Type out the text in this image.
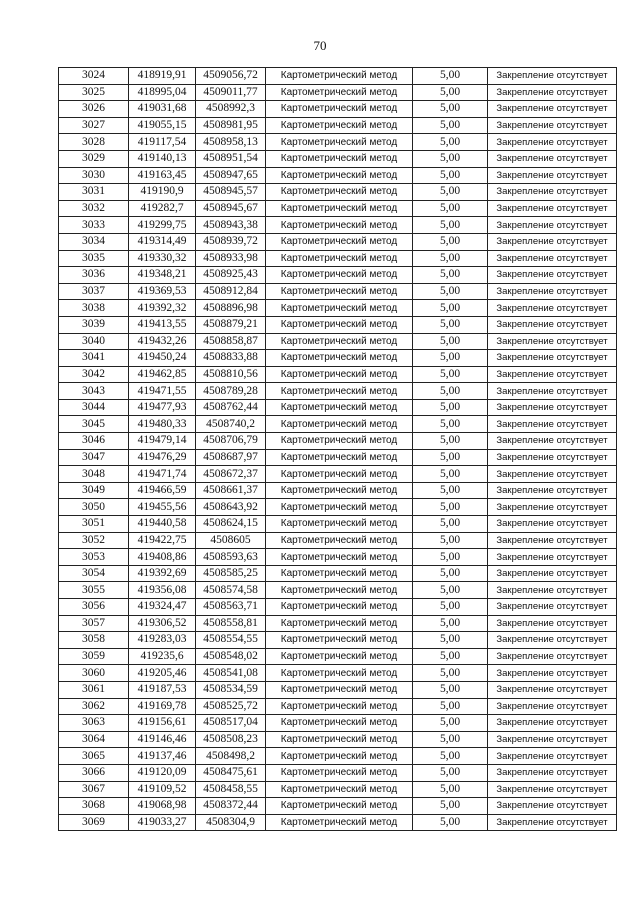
70
3024	418919,91	4509056,72	Картометрический метод	5,00	Закрепление отсутствует
3025	418995,04	4509011,77	Картометрический метод	5,00	Закрепление отсутствует
3026	419031,68	4508992,3	Картометрический метод	5,00	Закрепление отсутствует
3027	419055,15	4508981,95	Картометрический метод	5,00	Закрепление отсутствует
3028	419117,54	4508958,13	Картометрический метод	5,00	Закрепление отсутствует
3029	419140,13	4508951,54	Картометрический метод	5,00	Закрепление отсутствует
3030	419163,45	4508947,65	Картометрический метод	5,00	Закрепление отсутствует
3031	419190,9	4508945,57	Картометрический метод	5,00	Закрепление отсутствует
3032	419282,7	4508945,67	Картометрический метод	5,00	Закрепление отсутствует
3033	419299,75	4508943,38	Картометрический метод	5,00	Закрепление отсутствует
3034	419314,49	4508939,72	Картометрический метод	5,00	Закрепление отсутствует
3035	419330,32	4508933,98	Картометрический метод	5,00	Закрепление отсутствует
3036	419348,21	4508925,43	Картометрический метод	5,00	Закрепление отсутствует
3037	419369,53	4508912,84	Картометрический метод	5,00	Закрепление отсутствует
3038	419392,32	4508896,98	Картометрический метод	5,00	Закрепление отсутствует
3039	419413,55	4508879,21	Картометрический метод	5,00	Закрепление отсутствует
3040	419432,26	4508858,87	Картометрический метод	5,00	Закрепление отсутствует
3041	419450,24	4508833,88	Картометрический метод	5,00	Закрепление отсутствует
3042	419462,85	4508810,56	Картометрический метод	5,00	Закрепление отсутствует
3043	419471,55	4508789,28	Картометрический метод	5,00	Закрепление отсутствует
3044	419477,93	4508762,44	Картометрический метод	5,00	Закрепление отсутствует
3045	419480,33	4508740,2	Картометрический метод	5,00	Закрепление отсутствует
3046	419479,14	4508706,79	Картометрический метод	5,00	Закрепление отсутствует
3047	419476,29	4508687,97	Картометрический метод	5,00	Закрепление отсутствует
3048	419471,74	4508672,37	Картометрический метод	5,00	Закрепление отсутствует
3049	419466,59	4508661,37	Картометрический метод	5,00	Закрепление отсутствует
3050	419455,56	4508643,92	Картометрический метод	5,00	Закрепление отсутствует
3051	419440,58	4508624,15	Картометрический метод	5,00	Закрепление отсутствует
3052	419422,75	4508605	Картометрический метод	5,00	Закрепление отсутствует
3053	419408,86	4508593,63	Картометрический метод	5,00	Закрепление отсутствует
3054	419392,69	4508585,25	Картометрический метод	5,00	Закрепление отсутствует
3055	419356,08	4508574,58	Картометрический метод	5,00	Закрепление отсутствует
3056	419324,47	4508563,71	Картометрический метод	5,00	Закрепление отсутствует
3057	419306,52	4508558,81	Картометрический метод	5,00	Закрепление отсутствует
3058	419283,03	4508554,55	Картометрический метод	5,00	Закрепление отсутствует
3059	419235,6	4508548,02	Картометрический метод	5,00	Закрепление отсутствует
3060	419205,46	4508541,08	Картометрический метод	5,00	Закрепление отсутствует
3061	419187,53	4508534,59	Картометрический метод	5,00	Закрепление отсутствует
3062	419169,78	4508525,72	Картометрический метод	5,00	Закрепление отсутствует
3063	419156,61	4508517,04	Картометрический метод	5,00	Закрепление отсутствует
3064	419146,46	4508508,23	Картометрический метод	5,00	Закрепление отсутствует
3065	419137,46	4508498,2	Картометрический метод	5,00	Закрепление отсутствует
3066	419120,09	4508475,61	Картометрический метод	5,00	Закрепление отсутствует
3067	419109,52	4508458,55	Картометрический метод	5,00	Закрепление отсутствует
3068	419068,98	4508372,44	Картометрический метод	5,00	Закрепление отсутствует
3069	419033,27	4508304,9	Картометрический метод	5,00	Закрепление отсутствует
